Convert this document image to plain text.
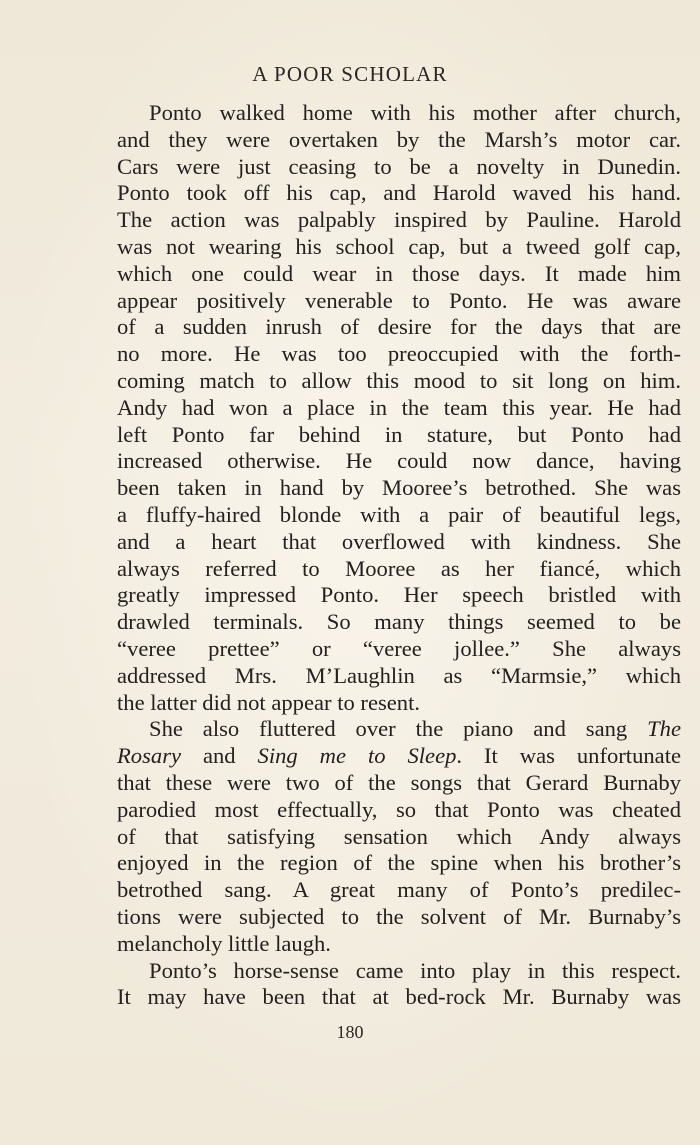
A POOR SCHOLAR
Ponto walked home with his mother after church,
and they were overtaken by the Marsh’s motor car.
Cars were just ceasing to be a novelty in Dunedin.
Ponto took off his cap, and Harold waved his hand.
The action was palpably inspired by Pauline. Harold
was not wearing his school cap, but a tweed golf cap,
which one could wear in those days. It made him
appear positively venerable to Ponto. He was aware
of a sudden inrush of desire for the days that are
no more. He was too preoccupied with the forth-
coming match to allow this mood to sit long on him.
Andy had won a place in the team this year. He had
left Ponto far behind in stature, but Ponto had
increased otherwise. He could now dance, having
been taken in hand by Mooree’s betrothed. She was
a fluffy-haired blonde with a pair of beautiful legs,
and a heart that overflowed with kindness. She
always referred to Mooree as her fiancé, which
greatly impressed Ponto. Her speech bristled with
drawled terminals. So many things seemed to be
“veree prettee” or “veree jollee.” She always
addressed Mrs. M’Laughlin as “Marmsie,” which
the latter did not appear to resent.
She also fluttered over the piano and sang The
Rosary and Sing me to Sleep. It was unfortunate
that these were two of the songs that Gerard Burnaby
parodied most effectually, so that Ponto was cheated
of that satisfying sensation which Andy always
enjoyed in the region of the spine when his brother’s
betrothed sang. A great many of Ponto’s predilec-
tions were subjected to the solvent of Mr. Burnaby’s
melancholy little laugh.
Ponto’s horse-sense came into play in this respect.
It may have been that at bed-rock Mr. Burnaby was
180
